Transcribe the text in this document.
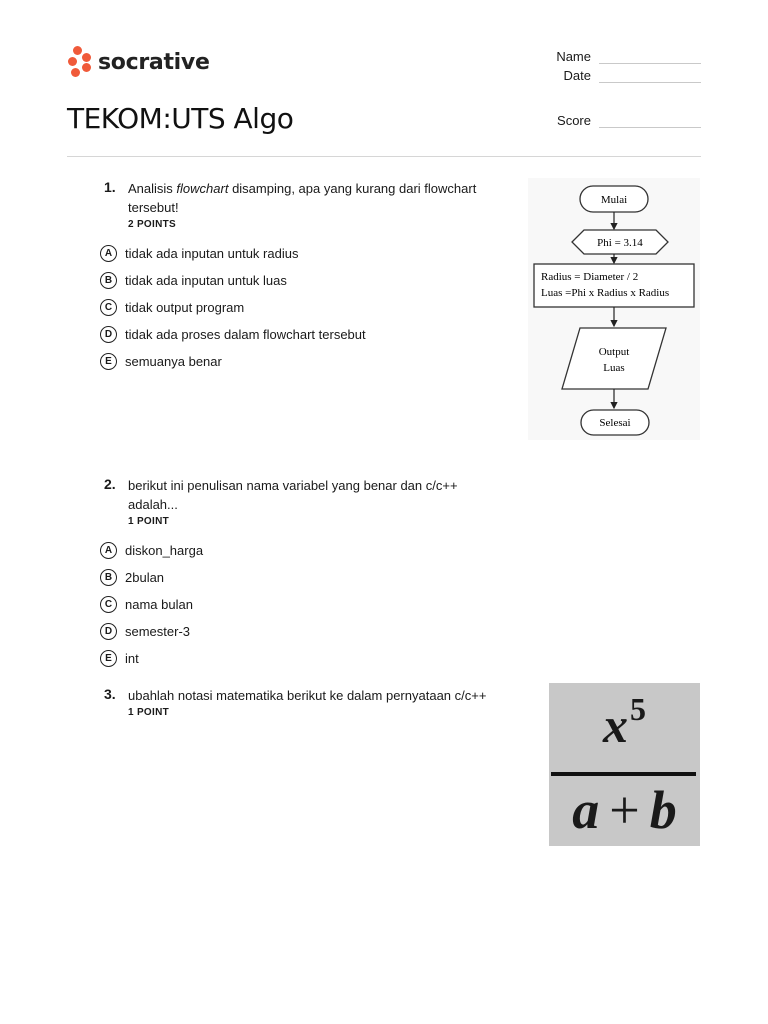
socrative	Name
Date
Score
TEKOM:UTS Algo
1. Analisis flowchart disamping, apa yang kurang dari flowchart tersebut!
2 POINTS
A tidak ada inputan untuk radius
B tidak ada inputan untuk luas
C tidak output program
D tidak ada proses dalam flowchart tersebut
E	semuanya benar
Mulai
Phi = 3.14
Radius = Diameter / 2
Luas =Phi x Radius x Radius
Output
Luas
Selesai
2. berikut ini penulisan nama variabel yang benar dan c/c++ adalah...
1 POINT
A diskon_harga
B 2bulan
C nama bulan
D semester-3
E	int
3. ubahlah notasi matematika berikut ke dalam pernyataan c/c++
1 POINT	$x^5$
a + b
